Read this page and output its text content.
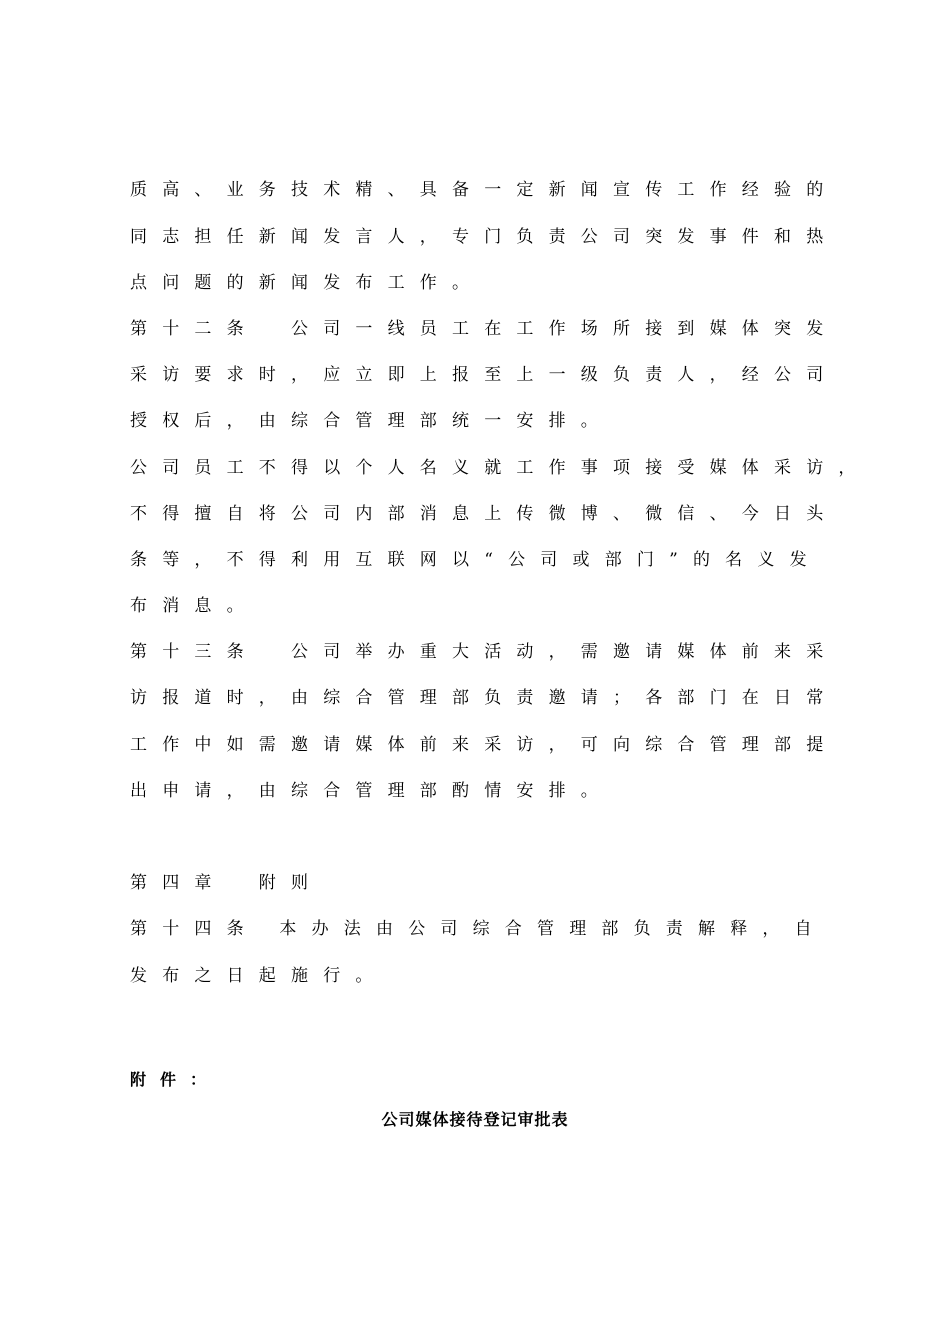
质高、业务技术精、具备一定新闻宣传工作经验的
同志担任新闻发言人，专门负责公司突发事件和热
点问题的新闻发布工作。
第十二条　公司一线员工在工作场所接到媒体突发
采访要求时，应立即上报至上一级负责人，经公司
授权后，由综合管理部统一安排。
公司员工不得以个人名义就工作事项接受媒体采访，
不得擅自将公司内部消息上传微博、微信、今日头
条等，不得利用互联网以“公司或部门”的名义发
布消息。
第十三条　公司举办重大活动，需邀请媒体前来采
访报道时，由综合管理部负责邀请；各部门在日常
工作中如需邀请媒体前来采访，可向综合管理部提
出申请，由综合管理部酌情安排。
第四章　附则
第十四条 本办法由公司综合管理部负责解释，自
发布之日起施行。
附件：
公司媒体接待登记审批表
